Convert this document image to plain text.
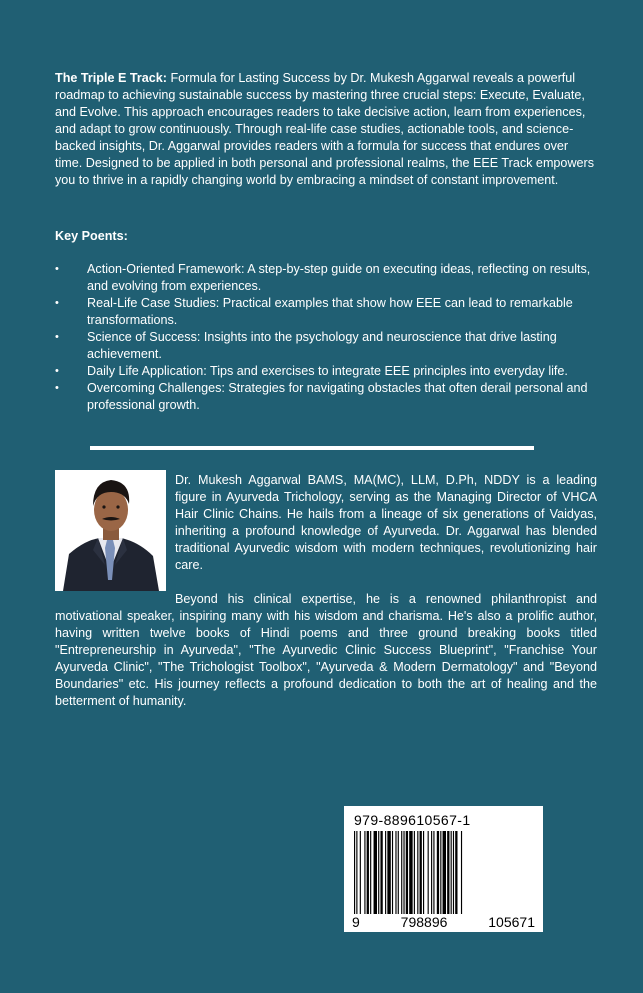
The Triple E Track: Formula for Lasting Success by Dr. Mukesh Aggarwal reveals a powerful roadmap to achieving sustainable success by mastering three crucial steps: Execute, Evaluate, and Evolve. This approach encourages readers to take decisive action, learn from experiences, and adapt to grow continuously. Through real-life case studies, actionable tools, and science-backed insights, Dr. Aggarwal provides readers with a formula for success that endures over time. Designed to be applied in both personal and professional realms, the EEE Track empowers you to thrive in a rapidly changing world by embracing a mindset of constant improvement.

Key Poents:

•	Action-Oriented Framework: A step-by-step guide on executing ideas, reflecting on results, and evolving from experiences.
•	Real-Life Case Studies: Practical examples that show how EEE can lead to remarkable transformations.
•	Science of Success: Insights into the psychology and neuroscience that drive lasting achievement.
•	Daily Life Application: Tips and exercises to integrate EEE principles into everyday life.
•	Overcoming Challenges: Strategies for navigating obstacles that often derail personal and professional growth.

Dr. Mukesh Aggarwal BAMS, MA(MC), LLM, D.Ph, NDDY is a leading figure in Ayurveda Trichology, serving as the Managing Director of VHCA Hair Clinic Chains. He hails from a lineage of six generations of Vaidyas, inheriting a profound knowledge of Ayurveda. Dr. Aggarwal has blended traditional Ayurvedic wisdom with modern techniques, revolutionizing hair care.

Beyond his clinical expertise, he is a renowned philanthropist and motivational speaker, inspiring many with his wisdom and charisma. He's also a prolific author, having written twelve books of Hindi poems and three ground breaking books titled "Entrepreneurship in Ayurveda", "The Ayurvedic Clinic Success Blueprint", "Franchise Your Ayurveda Clinic", "The Trichologist Toolbox", "Ayurveda & Modern Dermatology" and "Beyond Boundaries" etc. His journey reflects a profound dedication to both the art of healing and the betterment of humanity.

979-889610567-1
9	798896	105671
